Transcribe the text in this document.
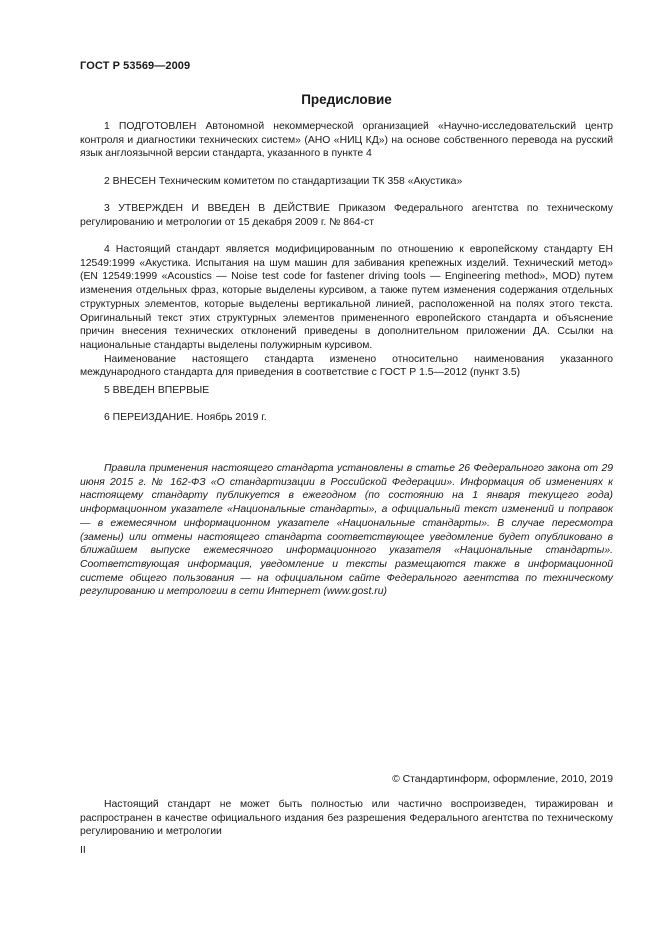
ГОСТ Р 53569—2009
Предисловие

1 ПОДГОТОВЛЕН Автономной некоммерческой организацией «Научно-исследовательский центр контроля и диагностики технических систем» (АНО «НИЦ КД») на основе собственного перевода на русский язык англоязычной версии стандарта, указанного в пункте 4

2 ВНЕСЕН Техническим комитетом по стандартизации ТК 358 «Акустика»

3 УТВЕРЖДЕН И ВВЕДЕН В ДЕЙСТВИЕ Приказом Федерального агентства по техническому регулированию и метрологии от 15 декабря 2009 г. № 864-ст

4 Настоящий стандарт является модифицированным по отношению к европейскому стандарту ЕН 12549:1999 «Акустика. Испытания на шум машин для забивания крепежных изделий. Технический метод» (EN 12549:1999 «Acoustics — Noise test code for fastener driving tools — Engineering method», MOD) путем изменения отдельных фраз, которые выделены курсивом, а также путем изменения содержания отдельных структурных элементов, которые выделены вертикальной линией, расположенной на полях этого текста. Оригинальный текст этих структурных элементов примененного европейского стандарта и объяснение причин внесения технических отклонений приведены в дополнительном приложении ДА. Ссылки на национальные стандарты выделены полужирным курсивом.

Наименование настоящего стандарта изменено относительно наименования указанного международного стандарта для приведения в соответствие с ГОСТ Р 1.5—2012 (пункт 3.5)

5 ВВЕДЕН ВПЕРВЫЕ

6 ПЕРЕИЗДАНИЕ. Ноябрь 2019 г.

Правила применения настоящего стандарта установлены в статье 26 Федерального закона от 29 июня 2015 г. № 162-ФЗ «О стандартизации в Российской Федерации». Информация об изменениях к настоящему стандарту публикуется в ежегодном (по состоянию на 1 января текущего года) информационном указателе «Национальные стандарты», а официальный текст изменений и поправок — в ежемесячном информационном указателе «Национальные стандарты». В случае пересмотра (замены) или отмены настоящего стандарта соответствующее уведомление будет опубликовано в ближайшем выпуске ежемесячного информационного указателя «Национальные стандарты». Соответствующая информация, уведомление и тексты размещаются также в информационной системе общего пользования — на официальном сайте Федерального агентства по техническому регулированию и метрологии в сети Интернет (www.gost.ru)

© Стандартинформ, оформление, 2010, 2019

Настоящий стандарт не может быть полностью или частично воспроизведен, тиражирован и распространен в качестве официального издания без разрешения Федерального агентства по техническому регулированию и метрологии

II
